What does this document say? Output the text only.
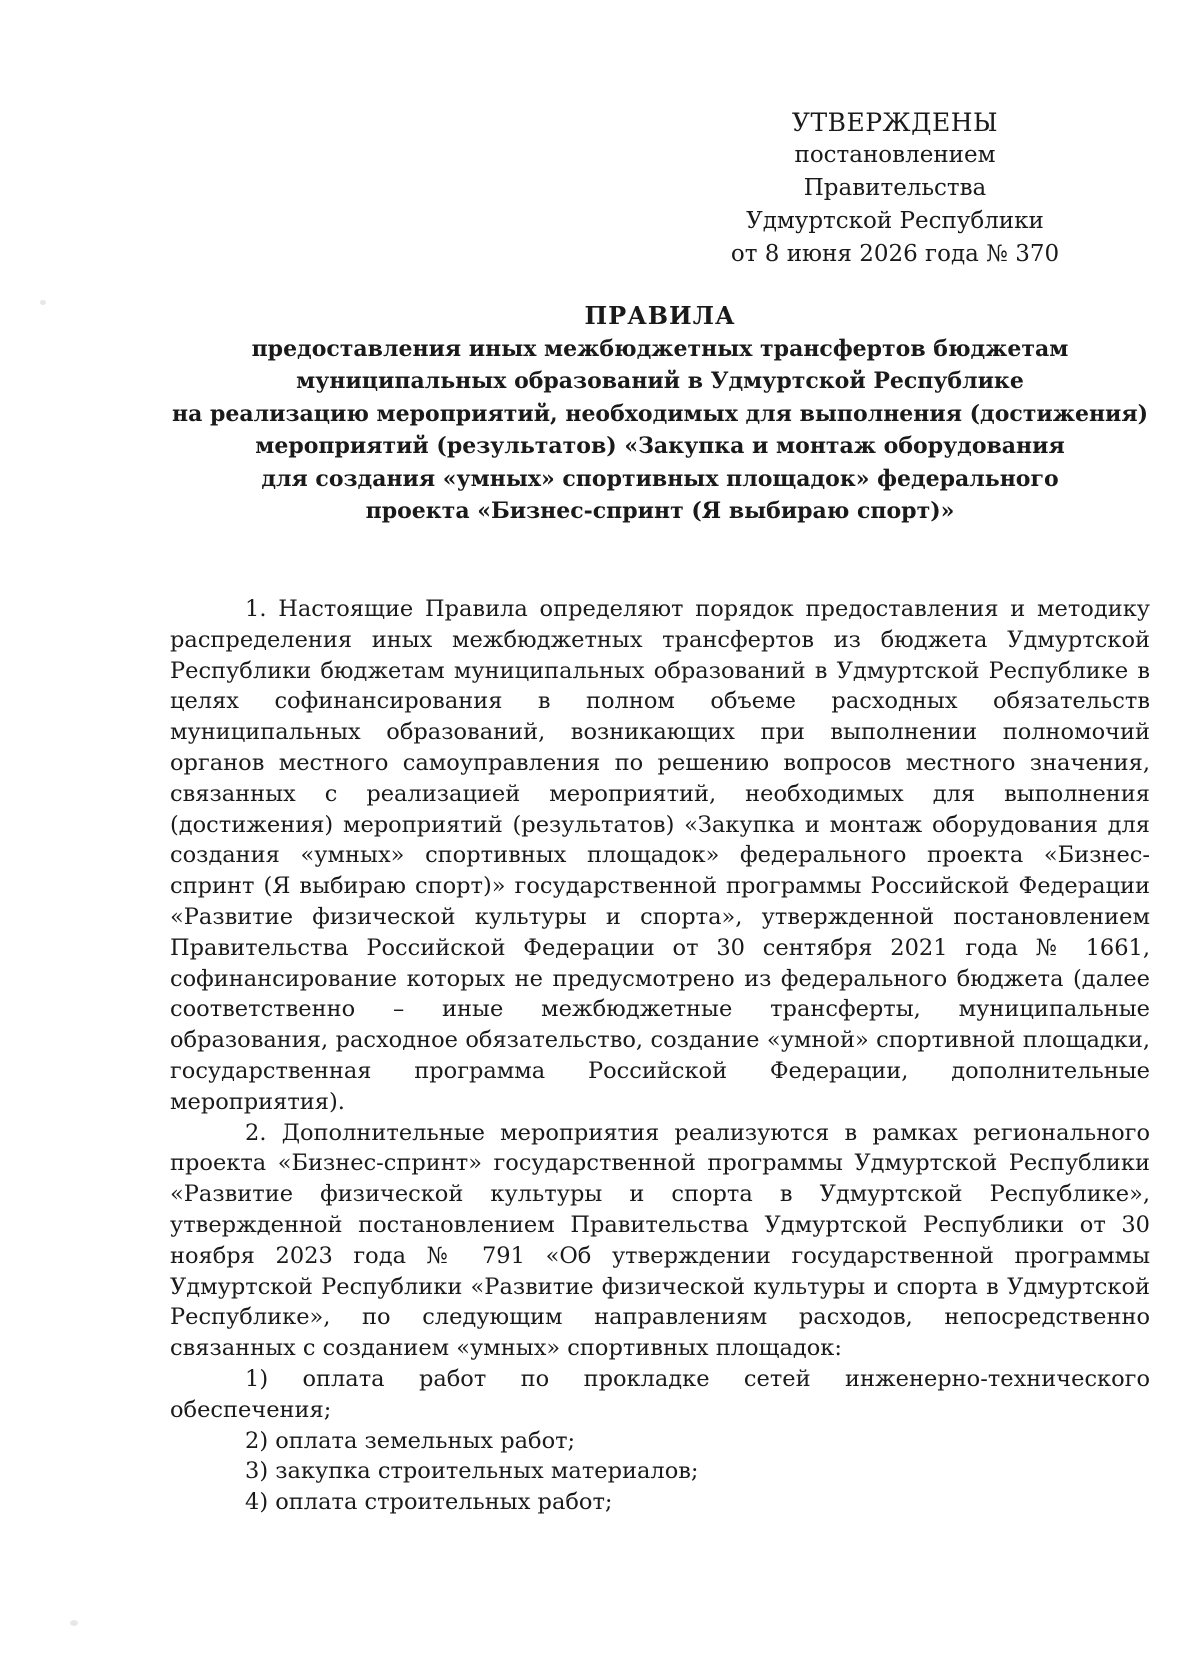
УТВЕРЖДЕНЫ
постановлением Правительства
Удмуртской Республики
от 8 июня 2026 года № 370
ПРАВИЛА
предоставления иных межбюджетных трансфертов бюджетам
муниципальных образований в Удмуртской Республике
на реализацию мероприятий, необходимых для выполнения (достижения)
мероприятий (результатов) «Закупка и монтаж оборудования
для создания «умных» спортивных площадок» федерального
проекта «Бизнес-спринт (Я выбираю спорт)»

1. Настоящие Правила определяют порядок предоставления и методику распределения иных межбюджетных трансфертов из бюджета Удмуртской Республики бюджетам муниципальных образований в Удмуртской Республике в целях софинансирования в полном объеме расходных обязательств муниципальных образований, возникающих при выполнении полномочий органов местного самоуправления по решению вопросов местного значения, связанных с реализацией мероприятий, необходимых для выполнения (достижения) мероприятий (результатов) «Закупка и монтаж оборудования для создания «умных» спортивных площадок» федерального проекта «Бизнес-спринт (Я выбираю спорт)» государственной программы Российской Федерации «Развитие физической культуры и спорта», утвержденной постановлением Правительства Российской Федерации от 30 сентября 2021 года № 1661, софинансирование которых не предусмотрено из федерального бюджета (далее соответственно – иные межбюджетные трансферты, муниципальные образования, расходное обязательство, создание «умной» спортивной площадки, государственная программа Российской Федерации, дополнительные мероприятия).

2. Дополнительные мероприятия реализуются в рамках регионального проекта «Бизнес-спринт» государственной программы Удмуртской Республики «Развитие физической культуры и спорта в Удмуртской Республике», утвержденной постановлением Правительства Удмуртской Республики от 30 ноября 2023 года № 791 «Об утверждении государственной программы Удмуртской Республики «Развитие физической культуры и спорта в Удмуртской Республике», по следующим направлениям расходов, непосредственно связанных с созданием «умных» спортивных площадок:

1) оплата работ по прокладке сетей инженерно-технического обеспечения;

2) оплата земельных работ;

3) закупка строительных материалов;

4) оплата строительных работ;
